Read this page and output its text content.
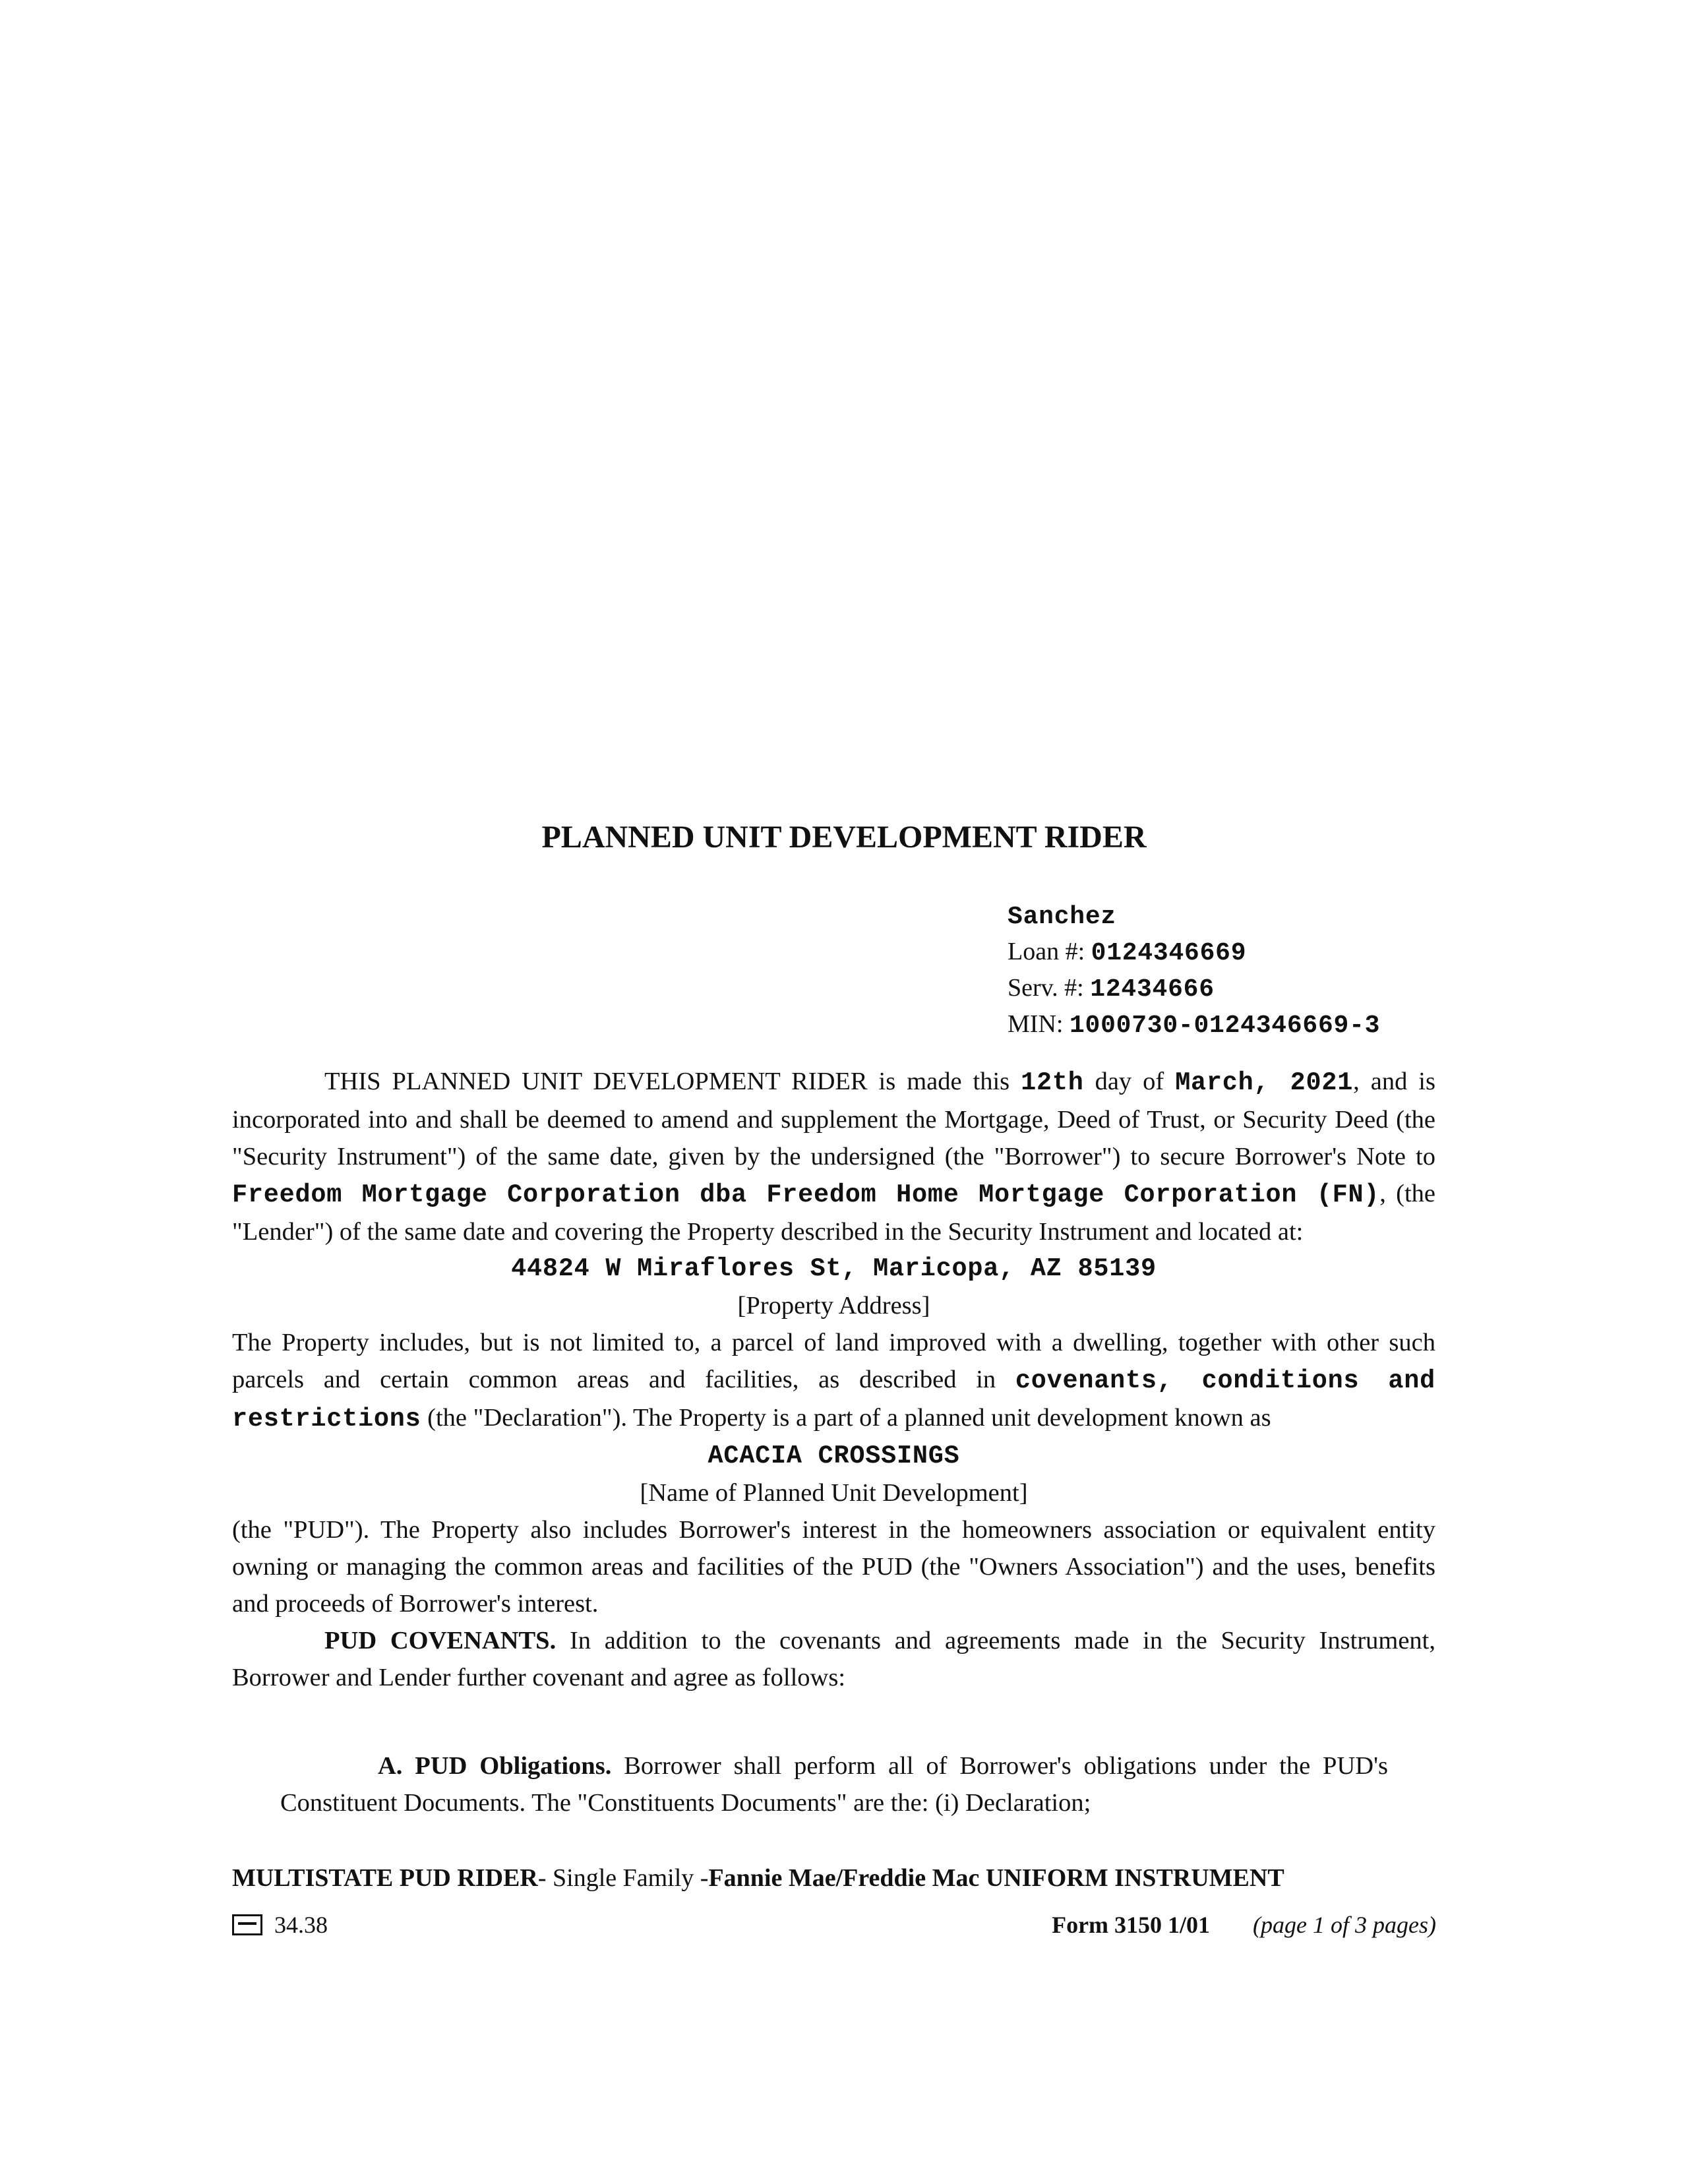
PLANNED UNIT DEVELOPMENT RIDER
Sanchez
Loan #: 0124346669
Serv. #: 12434666
MIN: 1000730-0124346669-3

THIS PLANNED UNIT DEVELOPMENT RIDER is made this 12th day of March, 2021, and is incorporated into and shall be deemed to amend and supplement the Mortgage, Deed of Trust, or Security Deed (the "Security Instrument") of the same date, given by the undersigned (the "Borrower") to secure Borrower's Note to Freedom Mortgage Corporation dba Freedom Home Mortgage Corporation (FN), (the "Lender") of the same date and covering the Property described in the Security Instrument and located at:

44824 W Miraflores St, Maricopa, AZ 85139

[Property Address]

The Property includes, but is not limited to, a parcel of land improved with a dwelling, together with other such parcels and certain common areas and facilities, as described in covenants, conditions and restrictions (the "Declaration"). The Property is a part of a planned unit development known as

ACACIA CROSSINGS

[Name of Planned Unit Development]

(the "PUD"). The Property also includes Borrower's interest in the homeowners association or equivalent entity owning or managing the common areas and facilities of the PUD (the "Owners Association") and the uses, benefits and proceeds of Borrower's interest.

PUD COVENANTS. In addition to the covenants and agreements made in the Security Instrument, Borrower and Lender further covenant and agree as follows:

A. PUD Obligations. Borrower shall perform all of Borrower's obligations under the PUD's Constituent Documents. The "Constituents Documents" are the: (i) Declaration;

MULTISTATE PUD RIDER- Single Family -Fannie Mae/Freddie Mac UNIFORM INSTRUMENT
34.38	Form 3150 1/01 (page 1 of 3 pages)
